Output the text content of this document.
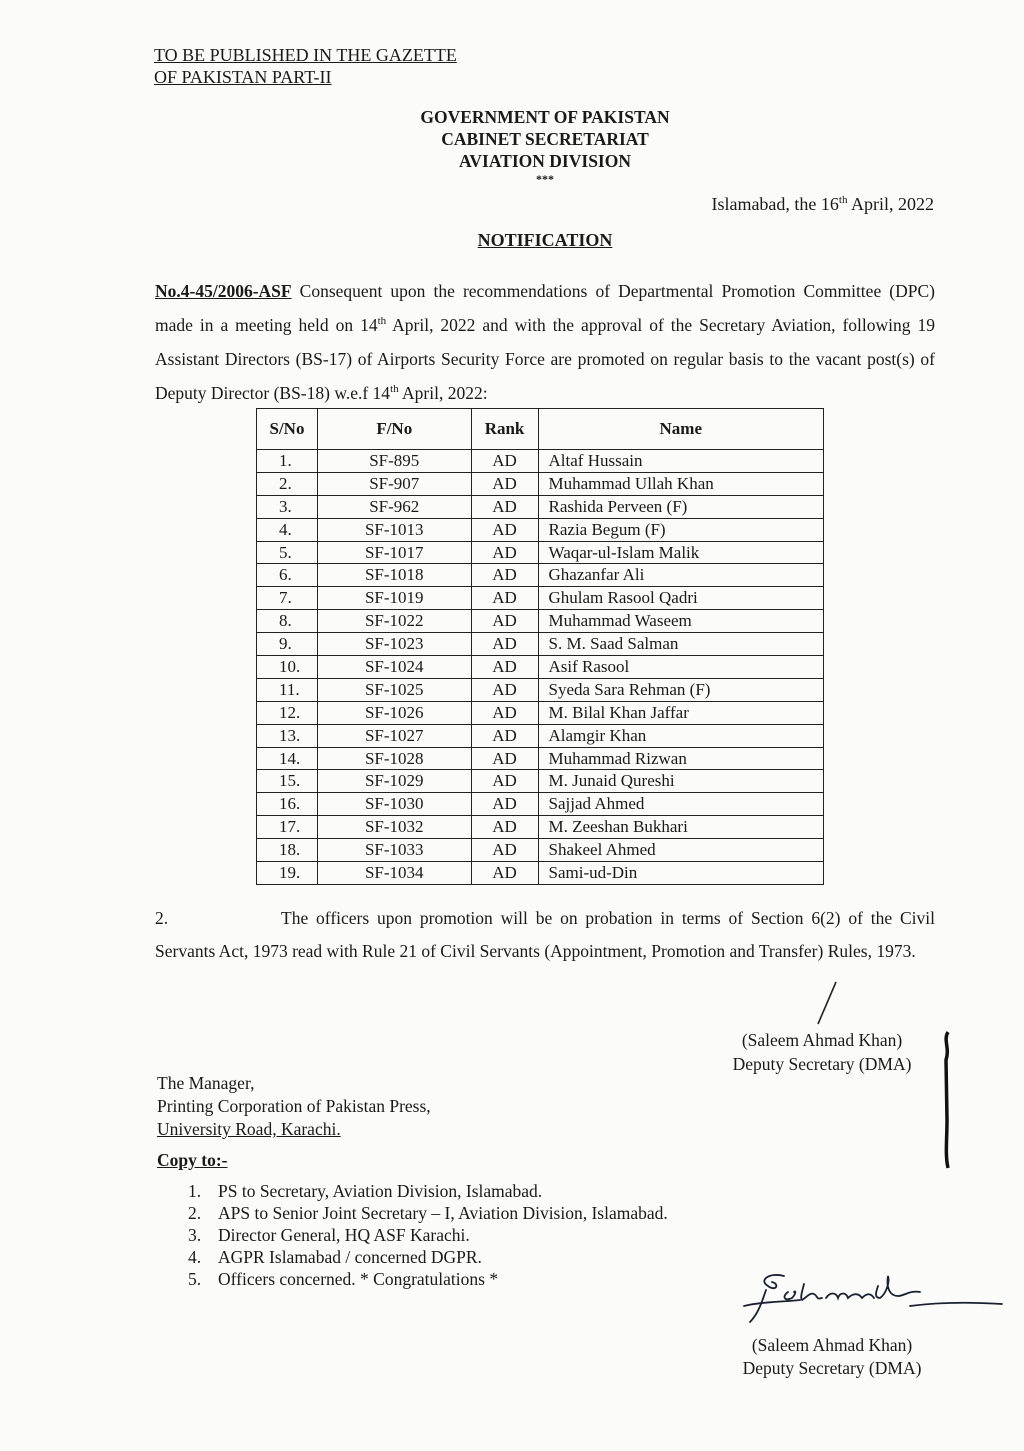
TO BE PUBLISHED IN THE GAZETTE
OF PAKISTAN PART-II
GOVERNMENT OF PAKISTAN
CABINET SECRETARIAT
AVIATION DIVISION
***
Islamabad, the 16th April, 2022
NOTIFICATION
No.4-45/2006-ASF Consequent upon the recommendations of Departmental Promotion Committee (DPC) made in a meeting held on 14th April, 2022 and with the approval of the Secretary Aviation, following 19 Assistant Directors (BS-17) of Airports Security Force are promoted on regular basis to the vacant post(s) of Deputy Director (BS-18) w.e.f 14th April, 2022:
S/No	F/No	Rank	Name
1.	SF-895	AD	Altaf Hussain
2.	SF-907	AD	Muhammad Ullah Khan
3.	SF-962	AD	Rashida Perveen (F)
4.	SF-1013	AD	Razia Begum (F)
5.	SF-1017	AD	Waqar-ul-Islam Malik
6.	SF-1018	AD	Ghazanfar Ali
7.	SF-1019	AD	Ghulam Rasool Qadri
8.	SF-1022	AD	Muhammad Waseem
9.	SF-1023	AD	S. M. Saad Salman
10.	SF-1024	AD	Asif Rasool
11.	SF-1025	AD	Syeda Sara Rehman (F)
12.	SF-1026	AD	M. Bilal Khan Jaffar
13.	SF-1027	AD	Alamgir Khan
14.	SF-1028	AD	Muhammad Rizwan
15.	SF-1029	AD	M. Junaid Qureshi
16.	SF-1030	AD	Sajjad Ahmed
17.	SF-1032	AD	M. Zeeshan Bukhari
18.	SF-1033	AD	Shakeel Ahmed
19.	SF-1034	AD	Sami-ud-Din
2.	The officers upon promotion will be on probation in terms of Section 6(2) of the Civil Servants Act, 1973 read with Rule 21 of Civil Servants (Appointment, Promotion and Transfer) Rules, 1973.
(Saleem Ahmad Khan)
Deputy Secretary (DMA)
The Manager,
Printing Corporation of Pakistan Press,
University Road, Karachi.
Copy to:-
1. PS to Secretary, Aviation Division, Islamabad.
2. APS to Senior Joint Secretary – I, Aviation Division, Islamabad.
3. Director General, HQ ASF Karachi.
4. AGPR Islamabad / concerned DGPR.
5. Officers concerned. * Congratulations *
(Saleem Ahmad Khan)
Deputy Secretary (DMA)
